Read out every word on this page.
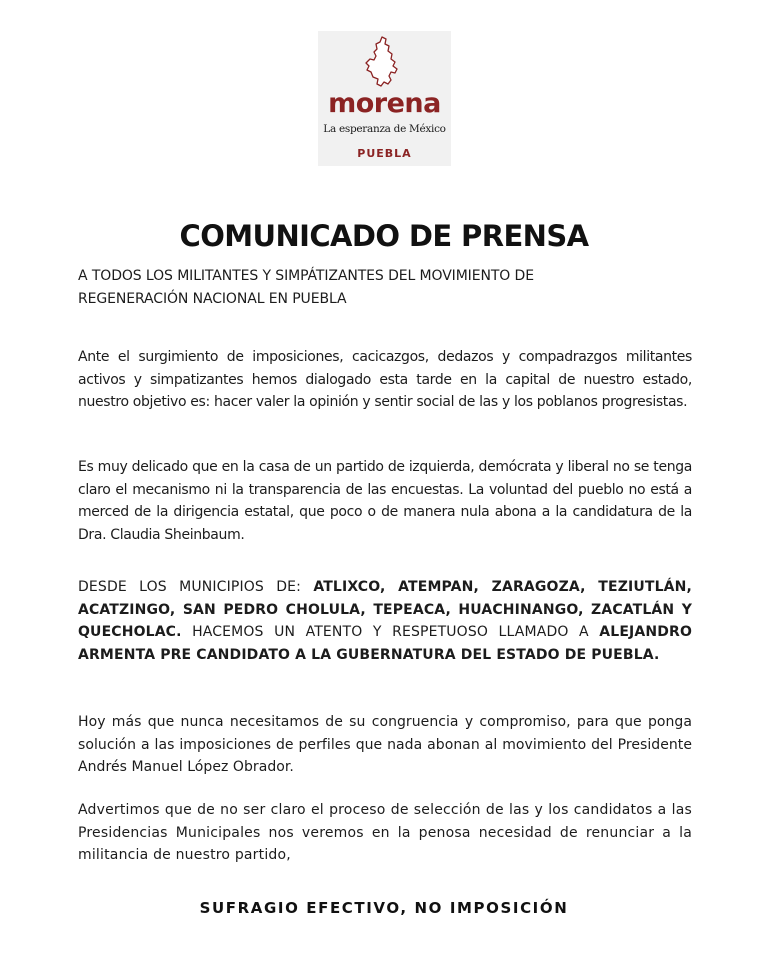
morena
La esperanza de México
PUEBLA
COMUNICADO DE PRENSA
A TODOS LOS MILITANTES Y SIMPÁTIZANTES DEL MOVIMIENTO DE
REGENERACIÓN NACIONAL EN PUEBLA

Ante el surgimiento de imposiciones, cacicazgos, dedazos y compadrazgos militantes activos y simpatizantes hemos dialogado esta tarde en la capital de nuestro estado, nuestro objetivo es: hacer valer la opinión y sentir social de las y los poblanos progresistas.

Es muy delicado que en la casa de un partido de izquierda, demócrata y liberal no se tenga claro el mecanismo ni la transparencia de las encuestas. La voluntad del pueblo no está a merced de la dirigencia estatal, que poco o de manera nula abona a la candidatura de la Dra. Claudia Sheinbaum.

DESDE LOS MUNICIPIOS DE: ATLIXCO, ATEMPAN, ZARAGOZA, TEZIUTLÁN, ACATZINGO, SAN PEDRO CHOLULA, TEPEACA, HUACHINANGO, ZACATLÁN Y QUECHOLAC. HACEMOS UN ATENTO Y RESPETUOSO LLAMADO A ALEJANDRO ARMENTA PRE CANDIDATO A LA GUBERNATURA DEL ESTADO DE PUEBLA.

Hoy más que nunca necesitamos de su congruencia y compromiso, para que ponga solución a las imposiciones de perfiles que nada abonan al movimiento del Presidente Andrés Manuel López Obrador.

Advertimos que de no ser claro el proceso de selección de las y los candidatos a las Presidencias Municipales nos veremos en la penosa necesidad de renunciar a la militancia de nuestro partido,

SUFRAGIO EFECTIVO, NO IMPOSICIÓN
